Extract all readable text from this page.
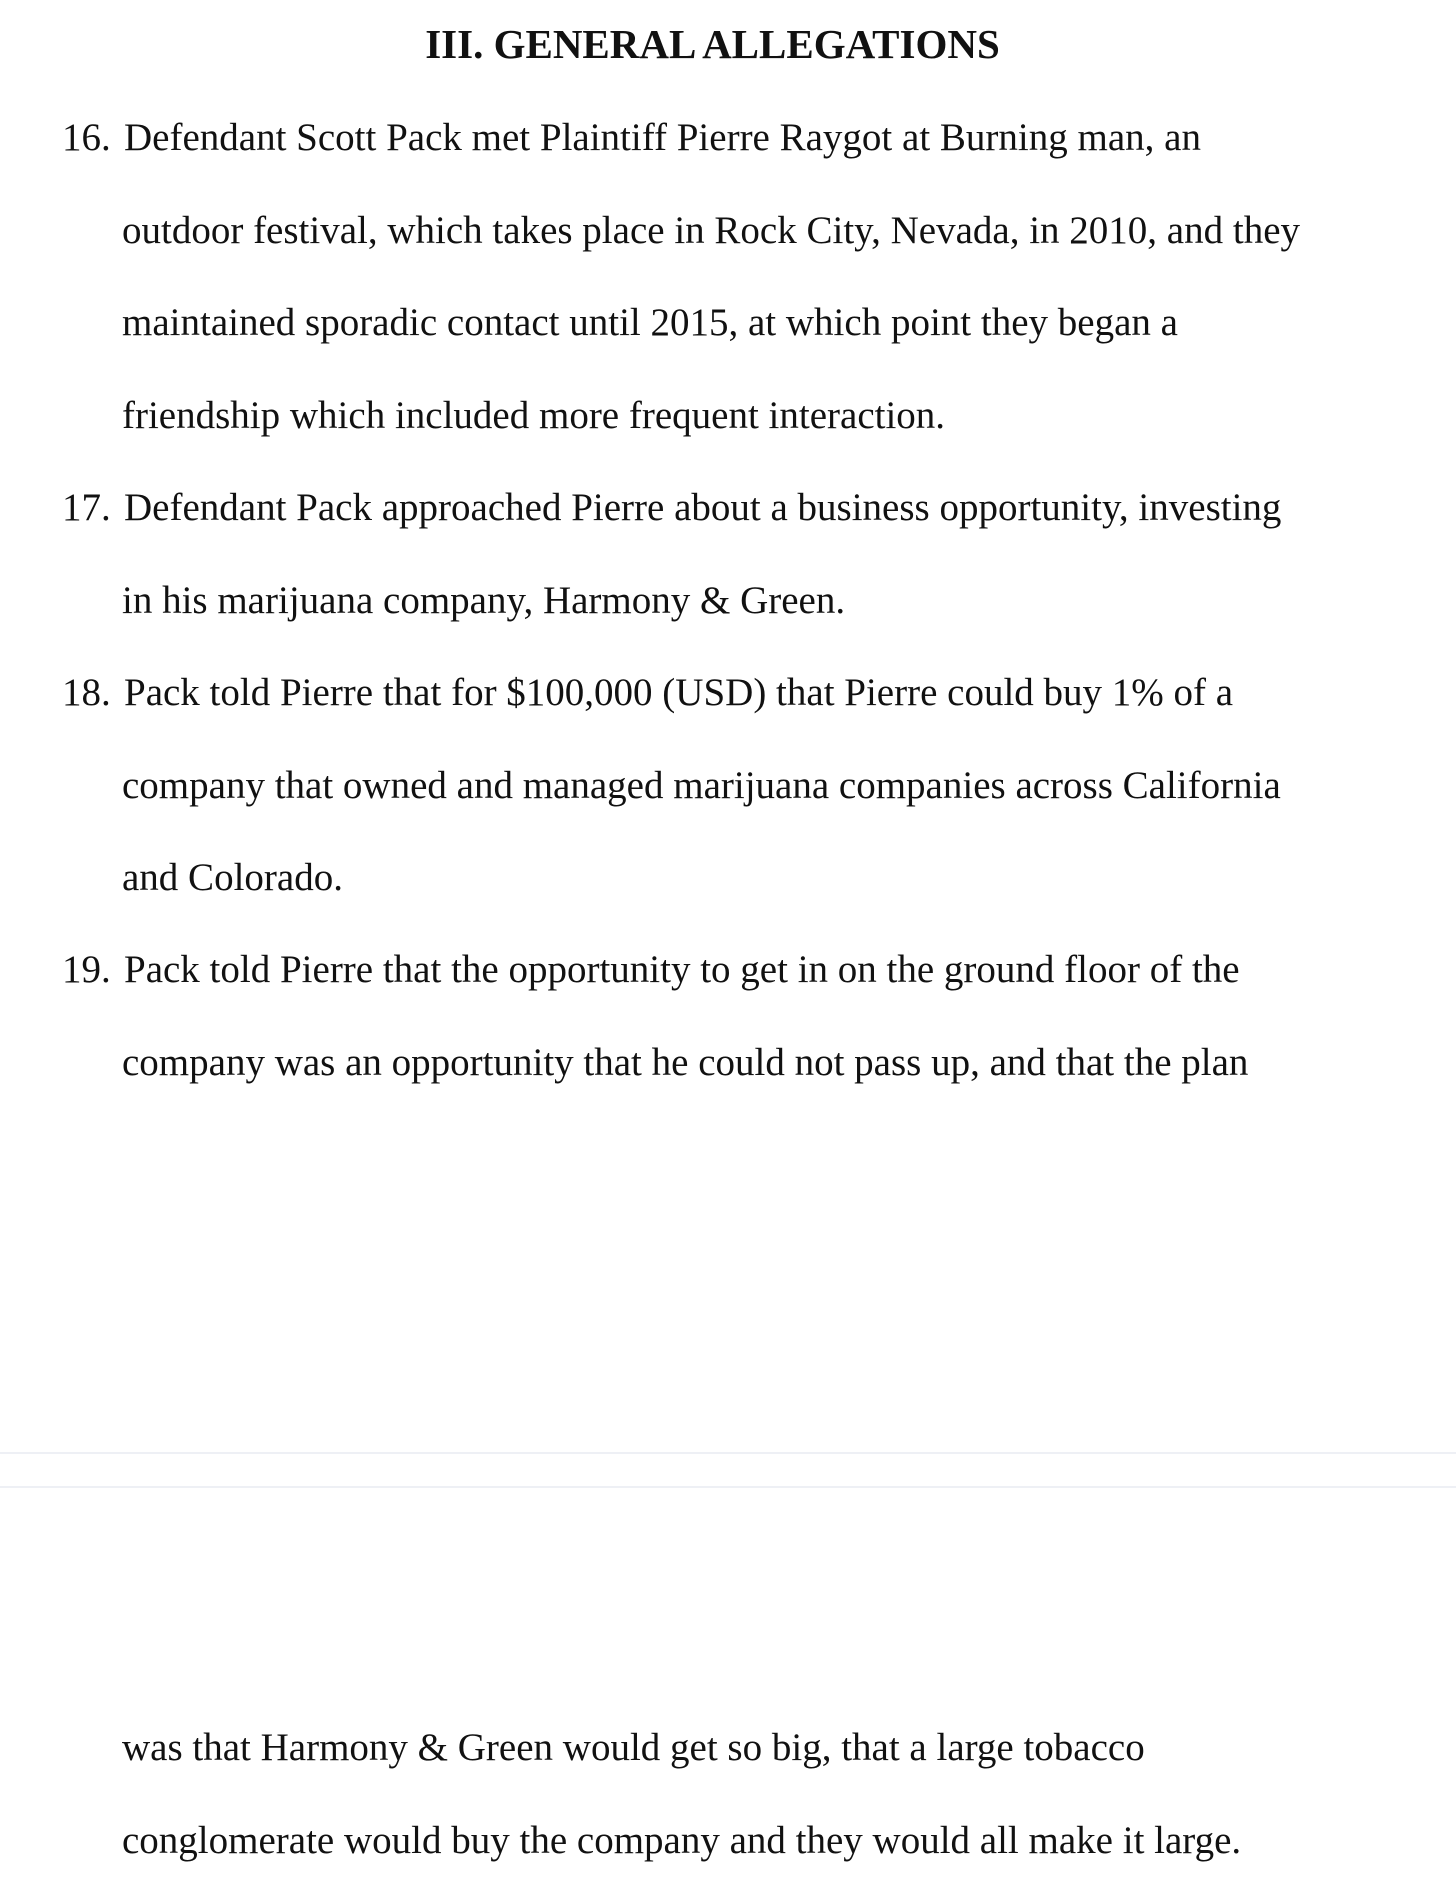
III. GENERAL ALLEGATIONS
16. Defendant Scott Pack met Plaintiff Pierre Raygot at Burning man, an
outdoor festival, which takes place in Rock City, Nevada, in 2010, and they
maintained sporadic contact until 2015, at which point they began a
friendship which included more frequent interaction.
17. Defendant Pack approached Pierre about a business opportunity, investing
in his marijuana company, Harmony & Green.
18. Pack told Pierre that for $100,000 (USD) that Pierre could buy 1% of a
company that owned and managed marijuana companies across California
and Colorado.
19. Pack told Pierre that the opportunity to get in on the ground floor of the
company was an opportunity that he could not pass up, and that the plan
was that Harmony & Green would get so big, that a large tobacco
conglomerate would buy the company and they would all make it large.
